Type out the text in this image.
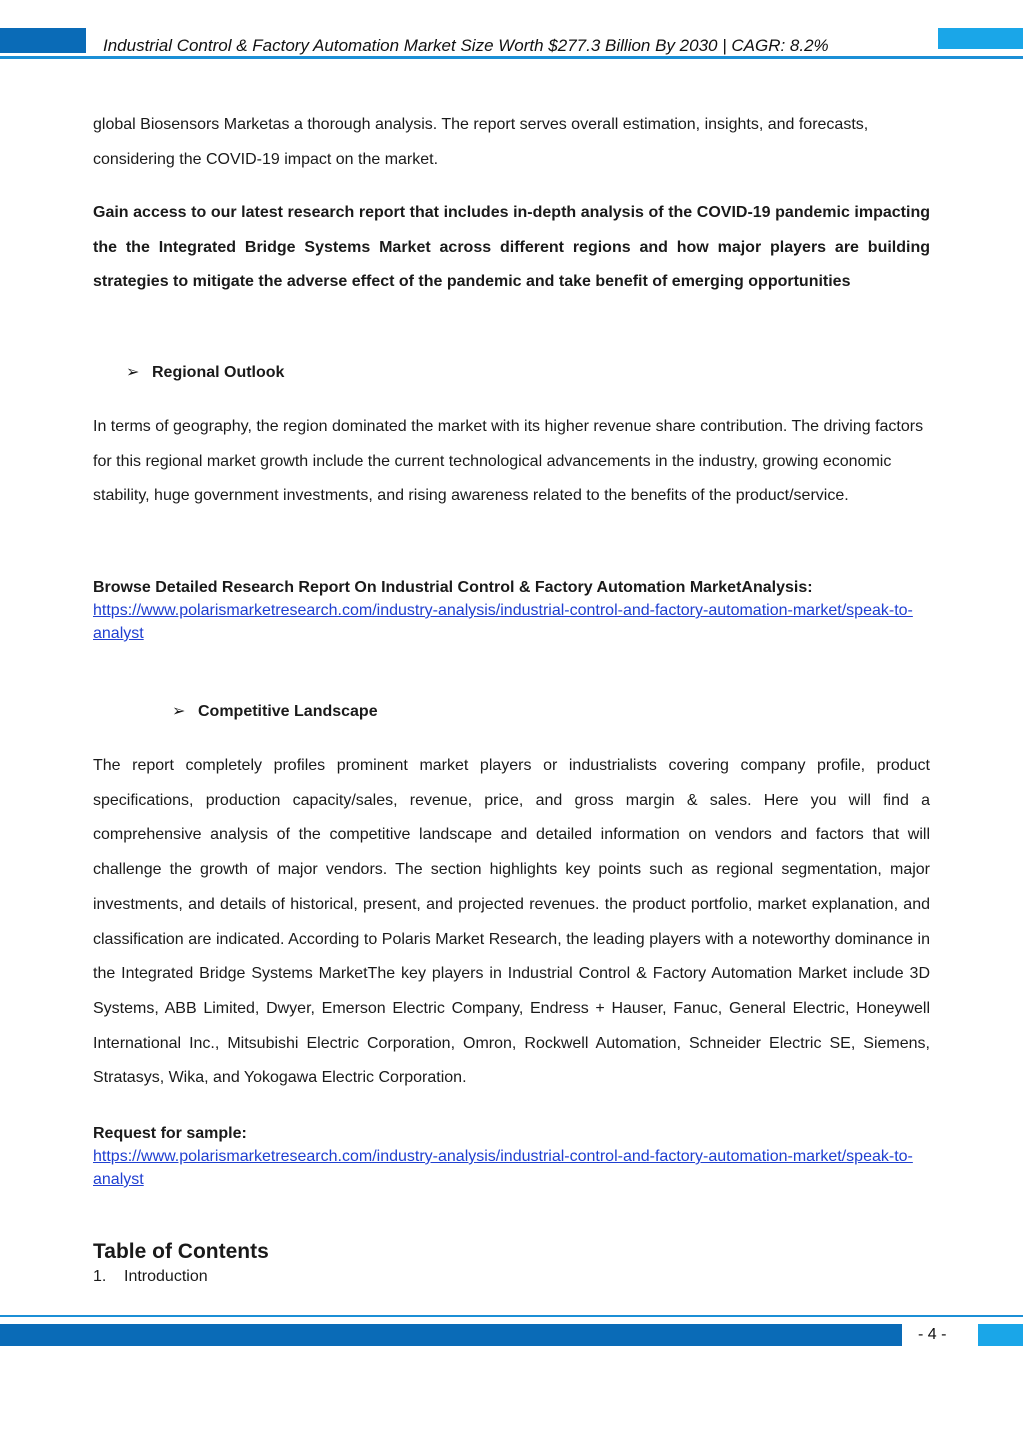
Industrial Control & Factory Automation Market Size Worth $277.3 Billion By 2030 | CAGR: 8.2%

global Biosensors Marketas a thorough analysis. The report serves overall estimation, insights, and forecasts, considering the COVID-19 impact on the market.

Gain access to our latest research report that includes in-depth analysis of the COVID-19 pandemic impacting the the Integrated Bridge Systems Market across different regions and how major players are building strategies to mitigate the adverse effect of the pandemic and take benefit of emerging opportunities

➢ Regional Outlook

In terms of geography, the region dominated the market with its higher revenue share contribution. The driving factors for this regional market growth include the current technological advancements in the industry, growing economic stability, huge government investments, and rising awareness related to the benefits of the product/service.

Browse Detailed Research Report On Industrial Control & Factory Automation MarketAnalysis:
https://www.polarismarketresearch.com/industry-analysis/industrial-control-and-factory-automation-market/speak-to-analyst
➢ Competitive Landscape

The report completely profiles prominent market players or industrialists covering company profile, product specifications, production capacity/sales, revenue, price, and gross margin & sales. Here you will find a comprehensive analysis of the competitive landscape and detailed information on vendors and factors that will challenge the growth of major vendors. The section highlights key points such as regional segmentation, major investments, and details of historical, present, and projected revenues. the product portfolio, market explanation, and classification are indicated. According to Polaris Market Research, the leading players with a noteworthy dominance in the Integrated Bridge Systems MarketThe key players in Industrial Control & Factory Automation Market include 3D Systems, ABB Limited, Dwyer, Emerson Electric Company, Endress + Hauser, Fanuc, General Electric, Honeywell International Inc., Mitsubishi Electric Corporation, Omron, Rockwell Automation, Schneider Electric SE, Siemens, Stratasys, Wika, and Yokogawa Electric Corporation.

Request for sample:
https://www.polarismarketresearch.com/industry-analysis/industrial-control-and-factory-automation-market/speak-to-analyst
Table of Contents
1. Introduction
- 4 -
